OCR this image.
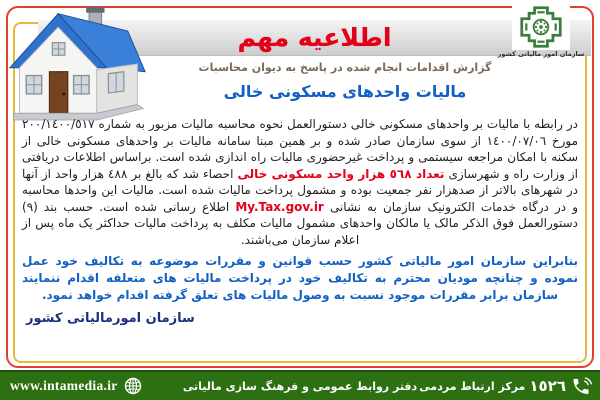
اطلاعیه مهم
سازمان امور مالیاتی کشور
گزارش اقدامات انجام شده در پاسخ به دیوان محاسبات
مالیات واحدهای مسکونی خالی

در رابطه با مالیات بر واحدهای مسکونی خالی دستورالعمل نحوه محاسبه مالیات مزبور به شماره ٢٠٠/١٤٠٠/٥١٧ مورخ ١٤٠٠/٠٧/٠٦ از سوی سازمان صادر شده و بر همین مبنا سامانه مالیات بر واحدهای مسکونی خالی از سکنه با امکان مراجعه سیستمی و پرداخت غیرحضوری مالیات راه اندازی شده است. براساس اطلاعات دریافتی از وزارت راه و شهرسازی تعداد ٥٦٨ هزار واحد مسکونی خالی احصاء شد که بالغ بر ٤٨٨ هزار واحد از آنها در شهرهای بالاتر از صدهزار نفر جمعیت بوده و مشمول پرداخت مالیات شده است. مالیات این واحدها محاسبه و در درگاه خدمات الکترونیک سازمان به نشانی My.Tax.gov.ir اطلاع رسانی شده است. حسب بند (٩) دستورالعمل فوق الذکر مالک یا مالکان واحدهای مشمول مالیات مکلف به پرداخت مالیات حداکثر یک ماه پس از اعلام سازمان می‌باشند.

بنابراین سازمان امور مالیاتی کشور حسب قوانین و مقررات موضوعه به تکالیف خود عمل نموده و چنانچه مودیان محترم به تکالیف خود در پرداخت مالیات های متعلقه اقدام ننمایند سازمان برابر مقررات موجود نسبت به وصول مالیات های تعلق گرفته اقدام خواهد نمود.

سازمان امورمالیاتی کشور
www.intamedia.ir	دفتر روابط عمومی و فرهنگ سازی مالیاتی	١٥٢٦
مرکز ارتباط مردمی
